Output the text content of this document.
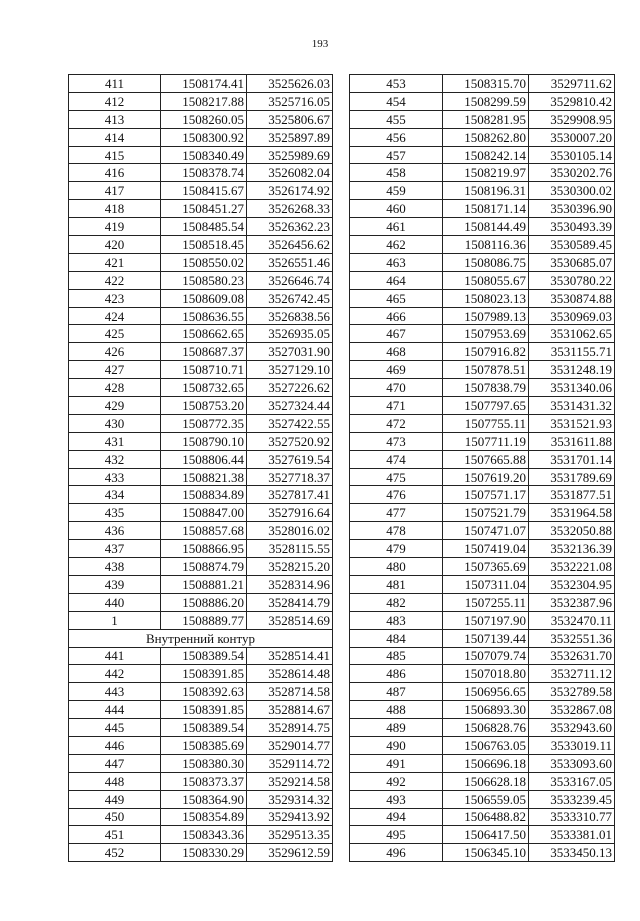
193
411	1508174.41	3525626.03
412	1508217.88	3525716.05
413	1508260.05	3525806.67
414	1508300.92	3525897.89
415	1508340.49	3525989.69
416	1508378.74	3526082.04
417	1508415.67	3526174.92
418	1508451.27	3526268.33
419	1508485.54	3526362.23
420	1508518.45	3526456.62
421	1508550.02	3526551.46
422	1508580.23	3526646.74
423	1508609.08	3526742.45
424	1508636.55	3526838.56
425	1508662.65	3526935.05
426	1508687.37	3527031.90
427	1508710.71	3527129.10
428	1508732.65	3527226.62
429	1508753.20	3527324.44
430	1508772.35	3527422.55
431	1508790.10	3527520.92
432	1508806.44	3527619.54
433	1508821.38	3527718.37
434	1508834.89	3527817.41
435	1508847.00	3527916.64
436	1508857.68	3528016.02
437	1508866.95	3528115.55
438	1508874.79	3528215.20
439	1508881.21	3528314.96
440	1508886.20	3528414.79
1	1508889.77	3528514.69
Внутренний контур		
441	1508389.54	3528514.41
442	1508391.85	3528614.48
443	1508392.63	3528714.58
444	1508391.85	3528814.67
445	1508389.54	3528914.75
446	1508385.69	3529014.77
447	1508380.30	3529114.72
448	1508373.37	3529214.58
449	1508364.90	3529314.32
450	1508354.89	3529413.92
451	1508343.36	3529513.35
452	1508330.29	3529612.59
453	1508315.70	3529711.62
454	1508299.59	3529810.42
455	1508281.95	3529908.95
456	1508262.80	3530007.20
457	1508242.14	3530105.14
458	1508219.97	3530202.76
459	1508196.31	3530300.02
460	1508171.14	3530396.90
461	1508144.49	3530493.39
462	1508116.36	3530589.45
463	1508086.75	3530685.07
464	1508055.67	3530780.22
465	1508023.13	3530874.88
466	1507989.13	3530969.03
467	1507953.69	3531062.65
468	1507916.82	3531155.71
469	1507878.51	3531248.19
470	1507838.79	3531340.06
471	1507797.65	3531431.32
472	1507755.11	3531521.93
473	1507711.19	3531611.88
474	1507665.88	3531701.14
475	1507619.20	3531789.69
476	1507571.17	3531877.51
477	1507521.79	3531964.58
478	1507471.07	3532050.88
479	1507419.04	3532136.39
480	1507365.69	3532221.08
481	1507311.04	3532304.95
482	1507255.11	3532387.96
483	1507197.90	3532470.11
484	1507139.44	3532551.36
485	1507079.74	3532631.70
486	1507018.80	3532711.12
487	1506956.65	3532789.58
488	1506893.30	3532867.08
489	1506828.76	3532943.60
490	1506763.05	3533019.11
491	1506696.18	3533093.60
492	1506628.18	3533167.05
493	1506559.05	3533239.45
494	1506488.82	3533310.77
495	1506417.50	3533381.01
496	1506345.10	3533450.13
